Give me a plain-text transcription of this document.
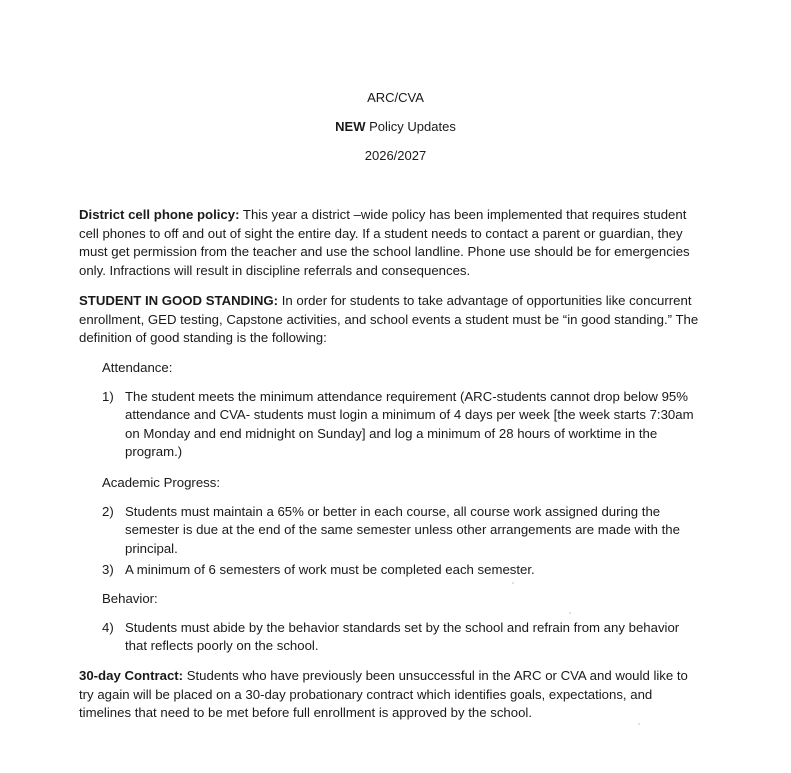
ARC/CVA
NEW Policy Updates
2026/2027

District cell phone policy: This year a district –wide policy has been implemented that requires student cell phones to off and out of sight the entire day. If a student needs to contact a parent or guardian, they must get permission from the teacher and use the school landline. Phone use should be for emergencies only. Infractions will result in discipline referrals and consequences.

STUDENT IN GOOD STANDING: In order for students to take advantage of opportunities like concurrent enrollment, GED testing, Capstone activities, and school events a student must be “in good standing.” The definition of good standing is the following:

Attendance:

1) The student meets the minimum attendance requirement (ARC-students cannot drop below 95% attendance and CVA- students must login a minimum of 4 days per week [the week starts 7:30am on Monday and end midnight on Sunday] and log a minimum of 28 hours of worktime in the program.)

Academic Progress:

2) Students must maintain a 65% or better in each course, all course work assigned during the semester is due at the end of the same semester unless other arrangements are made with the principal.
3) A minimum of 6 semesters of work must be completed each semester.

Behavior:

4) Students must abide by the behavior standards set by the school and refrain from any behavior that reflects poorly on the school.

30-day Contract: Students who have previously been unsuccessful in the ARC or CVA and would like to try again will be placed on a 30-day probationary contract which identifies goals, expectations, and timelines that need to be met before full enrollment is approved by the school.
